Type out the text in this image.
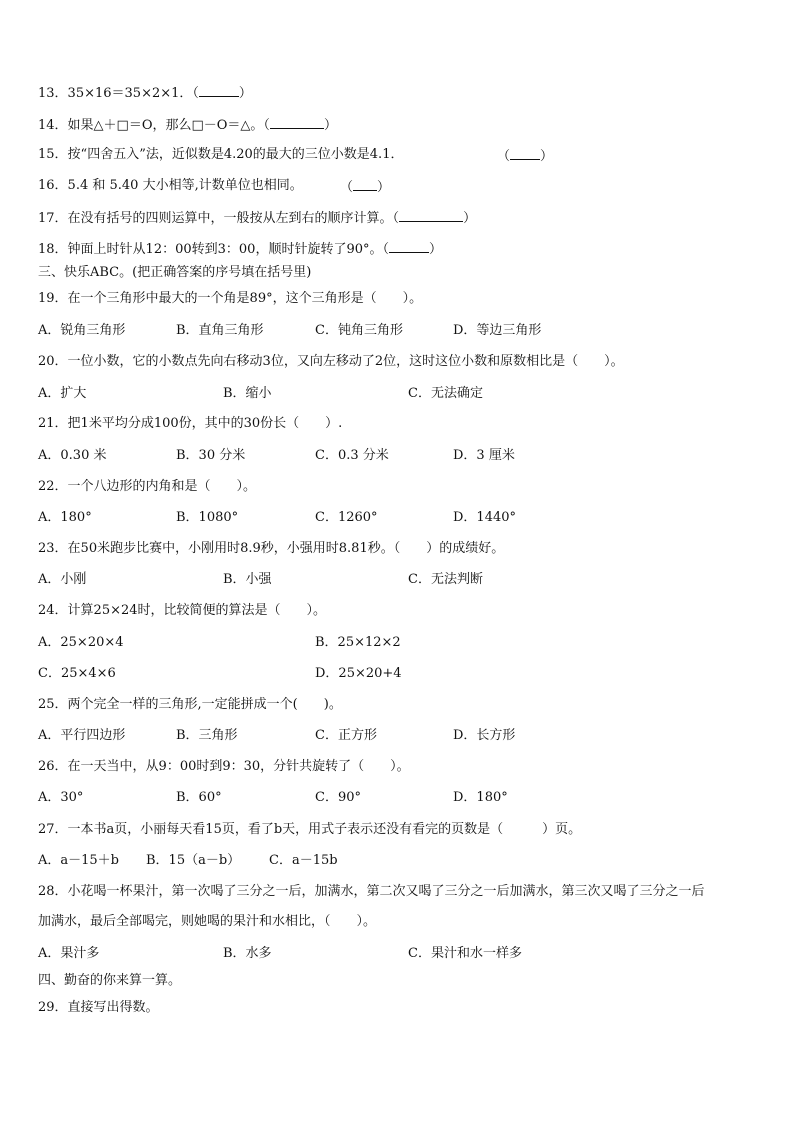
13．35×16＝35×2×1．（	）
14．如果△＋□＝O，那么□－O＝△。（	）
15．按“四舍五入”法，近似数是4.20的最大的三位小数是4.1．	（ ）
16．5.4 和 5.40 大小相等,计数单位也相同。	（ ）
17．在没有括号的四则运算中，一般按从左到右的顺序计算。（	）
18．钟面上时针从12：00转到3：00，顺时针旋转了90°。（	）
三、快乐ABC。(把正确答案的序号填在括号里)
19．在一个三角形中最大的一个角是89°，这个三角形是（　　）。
A．锐角三角形	B．直角三角形	C．钝角三角形	D．等边三角形
20．一位小数，它的小数点先向右移动3位，又向左移动了2位，这时这位小数和原数相比是（　　）。
A．扩大	B．缩小	C．无法确定
21．把1米平均分成100份，其中的30份长（　　）.
A．0.30 米	B．30 分米	C．0.3 分米	D．3 厘米
22．一个八边形的内角和是（　　）。
A．180°	B．1080°	C．1260°	D．1440°
23．在50米跑步比赛中，小刚用时8.9秒，小强用时8.81秒。（　　）的成绩好。
A．小刚	B．小强	C．无法判断
24．计算25×24时，比较简便的算法是（　　）。
A．25×20×4	B．25×12×2
C．25×4×6	D．25×20+4
25．两个完全一样的三角形,一定能拼成一个(　　)。
A．平行四边形	B．三角形	C．正方形	D．长方形
26．在一天当中，从9：00时到9：30，分针共旋转了（　　）。
A．30°	B．60°	C．90°	D．180°
27．一本书a页，小丽每天看15页，看了b天，用式子表示还没有看完的页数是（　　　）页。
A．a－15＋b B．15（a－b） C．a－15b
28．小花喝一杯果汁，第一次喝了三分之一后，加满水，第二次又喝了三分之一后加满水，第三次又喝了三分之一后
加满水，最后全部喝完，则她喝的果汁和水相比，（　　）。
A．果汁多	B．水多	C．果汁和水一样多
四、勤奋的你来算一算。
29．直接写出得数。
